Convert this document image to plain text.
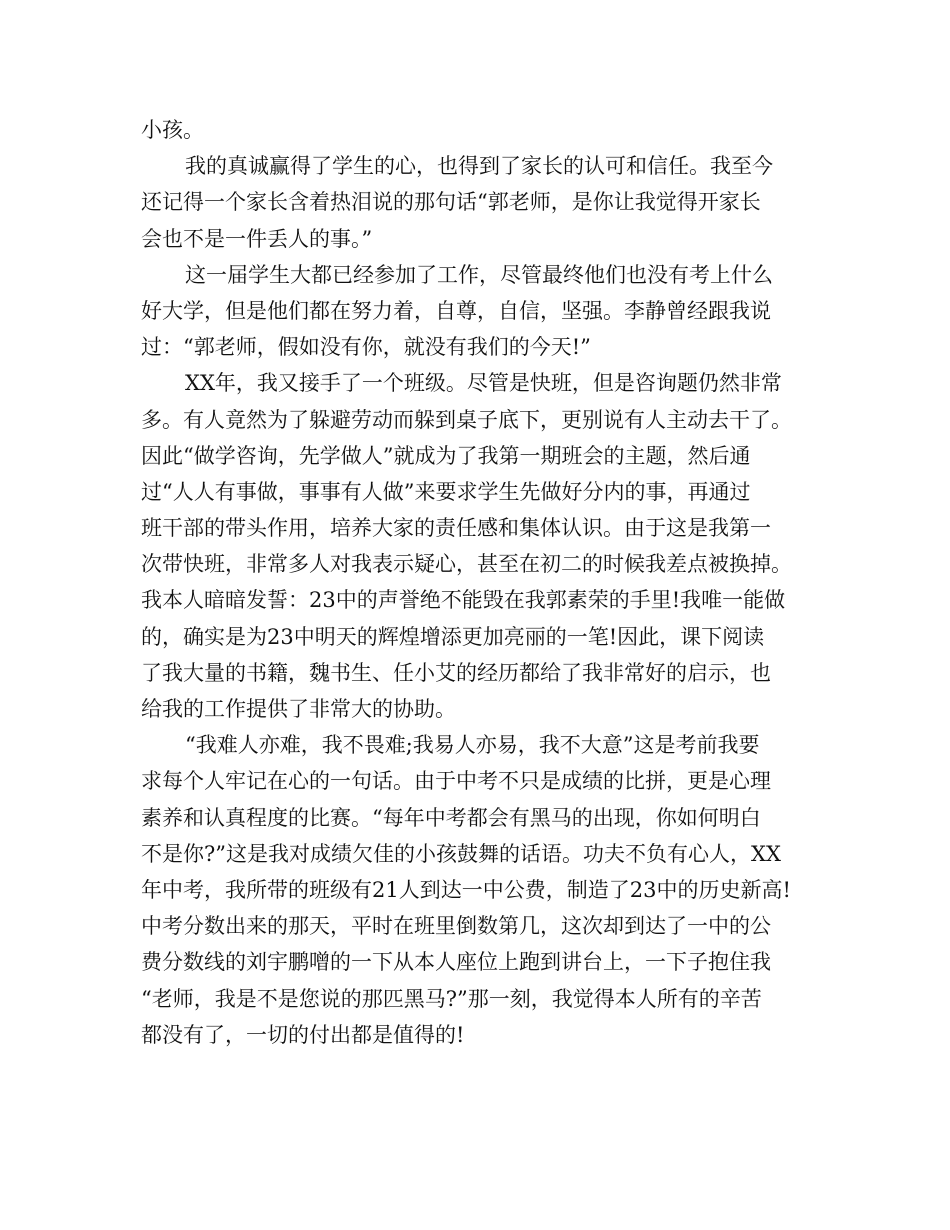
小孩。
我的真诚赢得了学生的心，也得到了家长的认可和信任。我至今
还记得一个家长含着热泪说的那句话“郭老师，是你让我觉得开家长
会也不是一件丢人的事。”
这一届学生大都已经参加了工作，尽管最终他们也没有考上什么
好大学，但是他们都在努力着，自尊，自信，坚强。李静曾经跟我说
过：“郭老师，假如没有你，就没有我们的今天!”
XX年，我又接手了一个班级。尽管是快班，但是咨询题仍然非常
多。有人竟然为了躲避劳动而躲到桌子底下，更别说有人主动去干了。
因此“做学咨询，先学做人”就成为了我第一期班会的主题，然后通
过“人人有事做，事事有人做”来要求学生先做好分内的事，再通过
班干部的带头作用，培养大家的责任感和集体认识。由于这是我第一
次带快班，非常多人对我表示疑心，甚至在初二的时候我差点被换掉。
我本人暗暗发誓：23中的声誉绝不能毁在我郭素荣的手里!我唯一能做
的，确实是为23中明天的辉煌增添更加亮丽的一笔!因此，课下阅读
了我大量的书籍，魏书生、任小艾的经历都给了我非常好的启示，也
给我的工作提供了非常大的协助。
“我难人亦难，我不畏难;我易人亦易，我不大意”这是考前我要
求每个人牢记在心的一句话。由于中考不只是成绩的比拼，更是心理
素养和认真程度的比赛。“每年中考都会有黑马的出现，你如何明白
不是你?”这是我对成绩欠佳的小孩鼓舞的话语。功夫不负有心人，XX
年中考，我所带的班级有21人到达一中公费，制造了23中的历史新高!
中考分数出来的那天，平时在班里倒数第几，这次却到达了一中的公
费分数线的刘宇鹏噌的一下从本人座位上跑到讲台上，一下子抱住我
“老师，我是不是您说的那匹黑马?”那一刻，我觉得本人所有的辛苦
都没有了，一切的付出都是值得的!
